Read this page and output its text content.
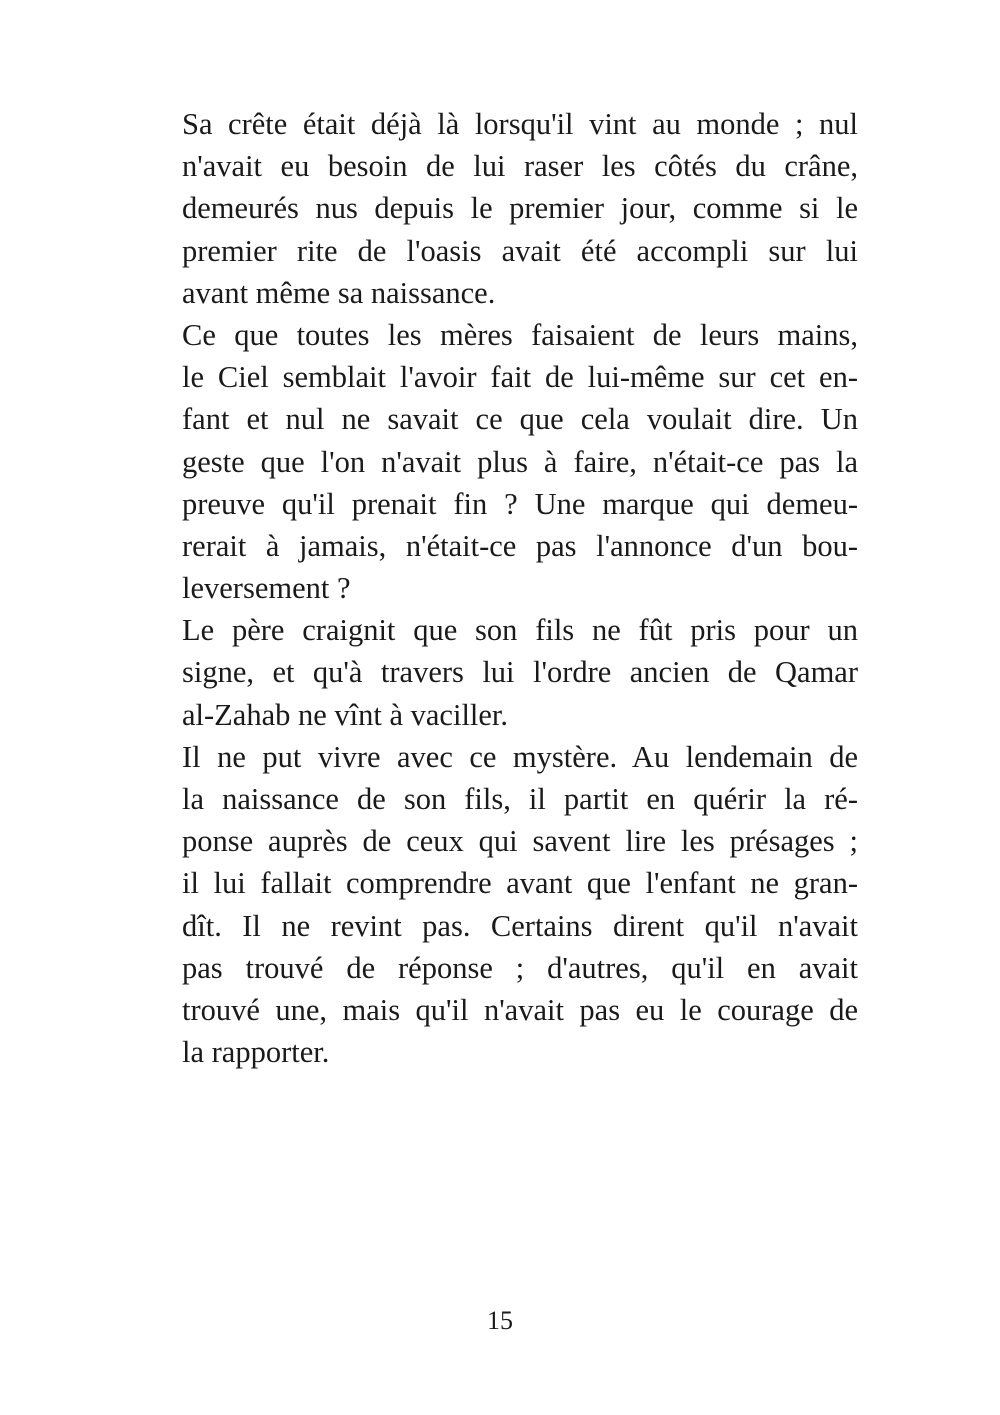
Sa crête était déjà là lorsqu'il vint au monde ; nul
n'avait eu besoin de lui raser les côtés du crâne,
demeurés nus depuis le premier jour, comme si le
premier rite de l'oasis avait été accompli sur lui
avant même sa naissance.
Ce que toutes les mères faisaient de leurs mains,
le Ciel semblait l'avoir fait de lui-même sur cet en-
fant et nul ne savait ce que cela voulait dire. Un
geste que l'on n'avait plus à faire, n'était-ce pas la
preuve qu'il prenait fin ? Une marque qui demeu-
rerait à jamais, n'était-ce pas l'annonce d'un bou-
leversement ?
Le père craignit que son fils ne fût pris pour un
signe, et qu'à travers lui l'ordre ancien de Qamar
al-Zahab ne vînt à vaciller.
Il ne put vivre avec ce mystère. Au lendemain de
la naissance de son fils, il partit en quérir la ré-
ponse auprès de ceux qui savent lire les présages ;
il lui fallait comprendre avant que l'enfant ne gran-
dît. Il ne revint pas. Certains dirent qu'il n'avait
pas trouvé de réponse ; d'autres, qu'il en avait
trouvé une, mais qu'il n'avait pas eu le courage de
la rapporter.
15
